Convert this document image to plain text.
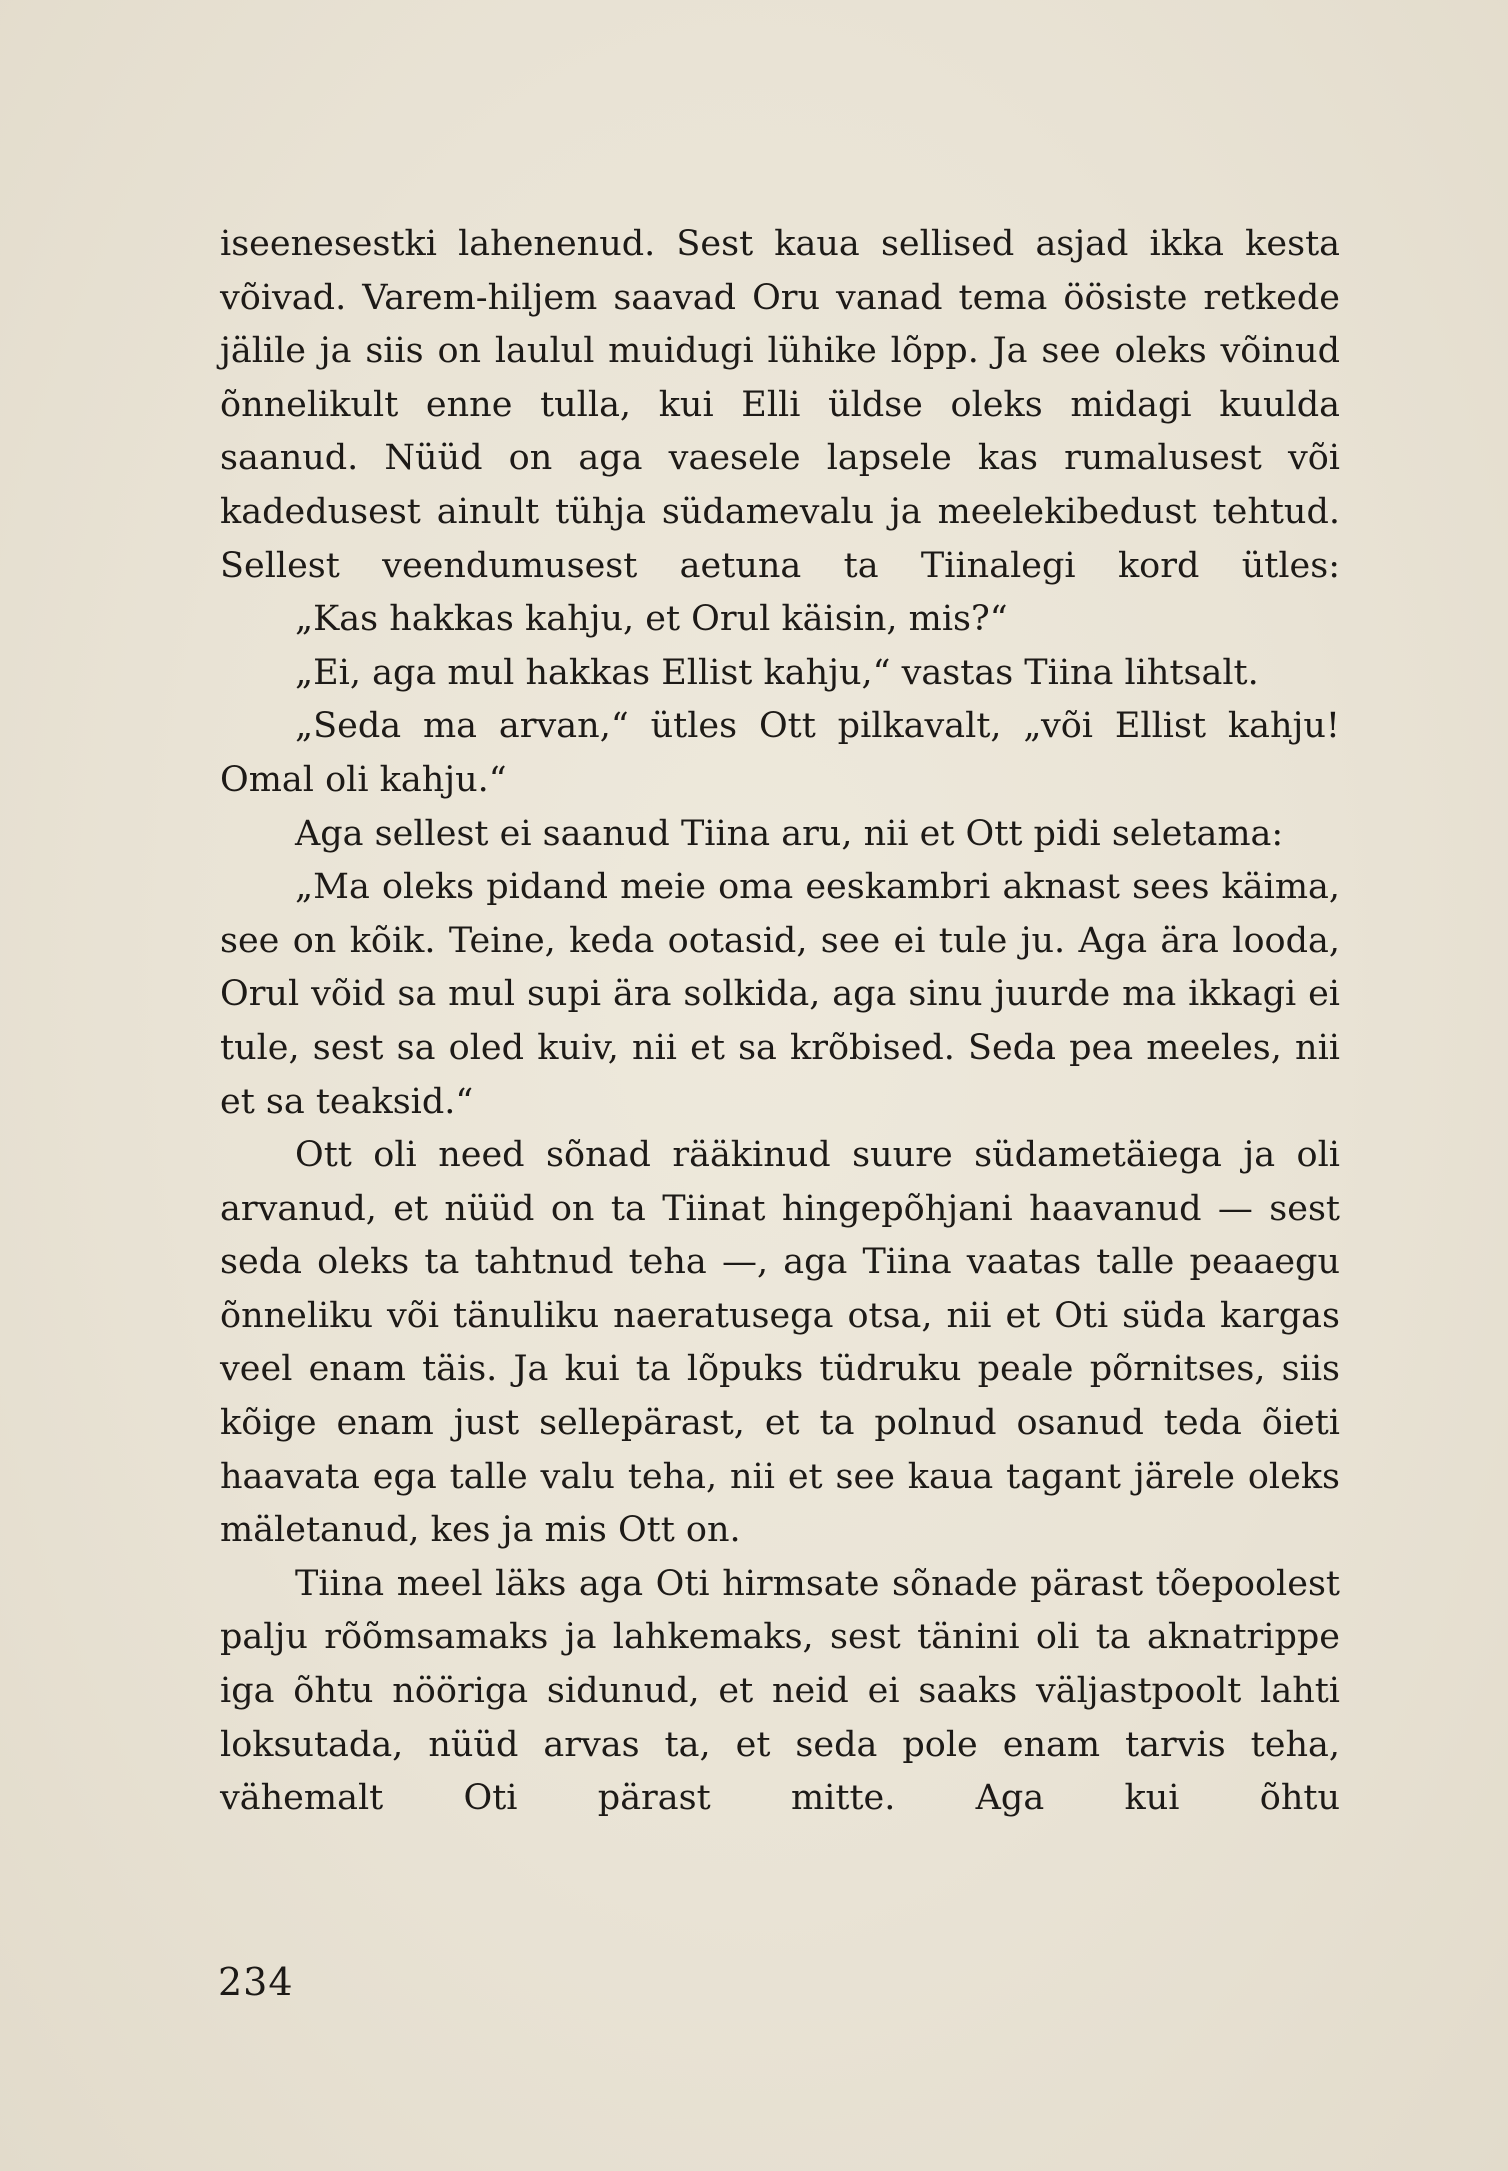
iseenesestki lahenenud. Sest kaua sellised asjad ikka kesta võivad. Varem-hiljem saavad Oru vanad tema öösiste retkede jälile ja siis on laulul muidugi lühike lõpp. Ja see oleks võinud õnnelikult enne tulla, kui Elli üldse oleks midagi kuulda saanud. Nüüd on aga vaesele lapsele kas rumalusest või kadedusest ainult tühja südamevalu ja meelekibedust tehtud. Sellest veendumusest aetuna ta Tiinalegi kord ütles:

„Kas hakkas kahju, et Orul käisin, mis?“

„Ei, aga mul hakkas Ellist kahju,“ vastas Tiina lihtsalt.

„Seda ma arvan,“ ütles Ott pilkavalt, „või Ellist kahju! Omal oli kahju.“

Aga sellest ei saanud Tiina aru, nii et Ott pidi seletama:

„Ma oleks pidand meie oma eeskambri aknast sees käima, see on kõik. Teine, keda ootasid, see ei tule ju. Aga ära looda, Orul võid sa mul supi ära solkida, aga sinu juurde ma ikkagi ei tule, sest sa oled kuiv, nii et sa krõbised. Seda pea meeles, nii et sa teaksid.“

Ott oli need sõnad rääkinud suure südametäiega ja oli arvanud, et nüüd on ta Tiinat hingepõhjani haavanud — sest seda oleks ta tahtnud teha —, aga Tiina vaatas talle peaaegu õnneliku või tänuliku naeratusega otsa, nii et Oti süda kargas veel enam täis. Ja kui ta lõpuks tüdruku peale põrnitses, siis kõige enam just sellepärast, et ta polnud osanud teda õieti haavata ega talle valu teha, nii et see kaua tagant järele oleks mäletanud, kes ja mis Ott on.

Tiina meel läks aga Oti hirmsate sõnade pärast tõepoolest palju rõõmsamaks ja lahkemaks, sest tänini oli ta aknatrippe iga õhtu nööriga sidunud, et neid ei saaks väljastpoolt lahti loksutada, nüüd arvas ta, et seda pole enam tarvis teha, vähemalt Oti pärast mitte. Aga kui õhtu

234
